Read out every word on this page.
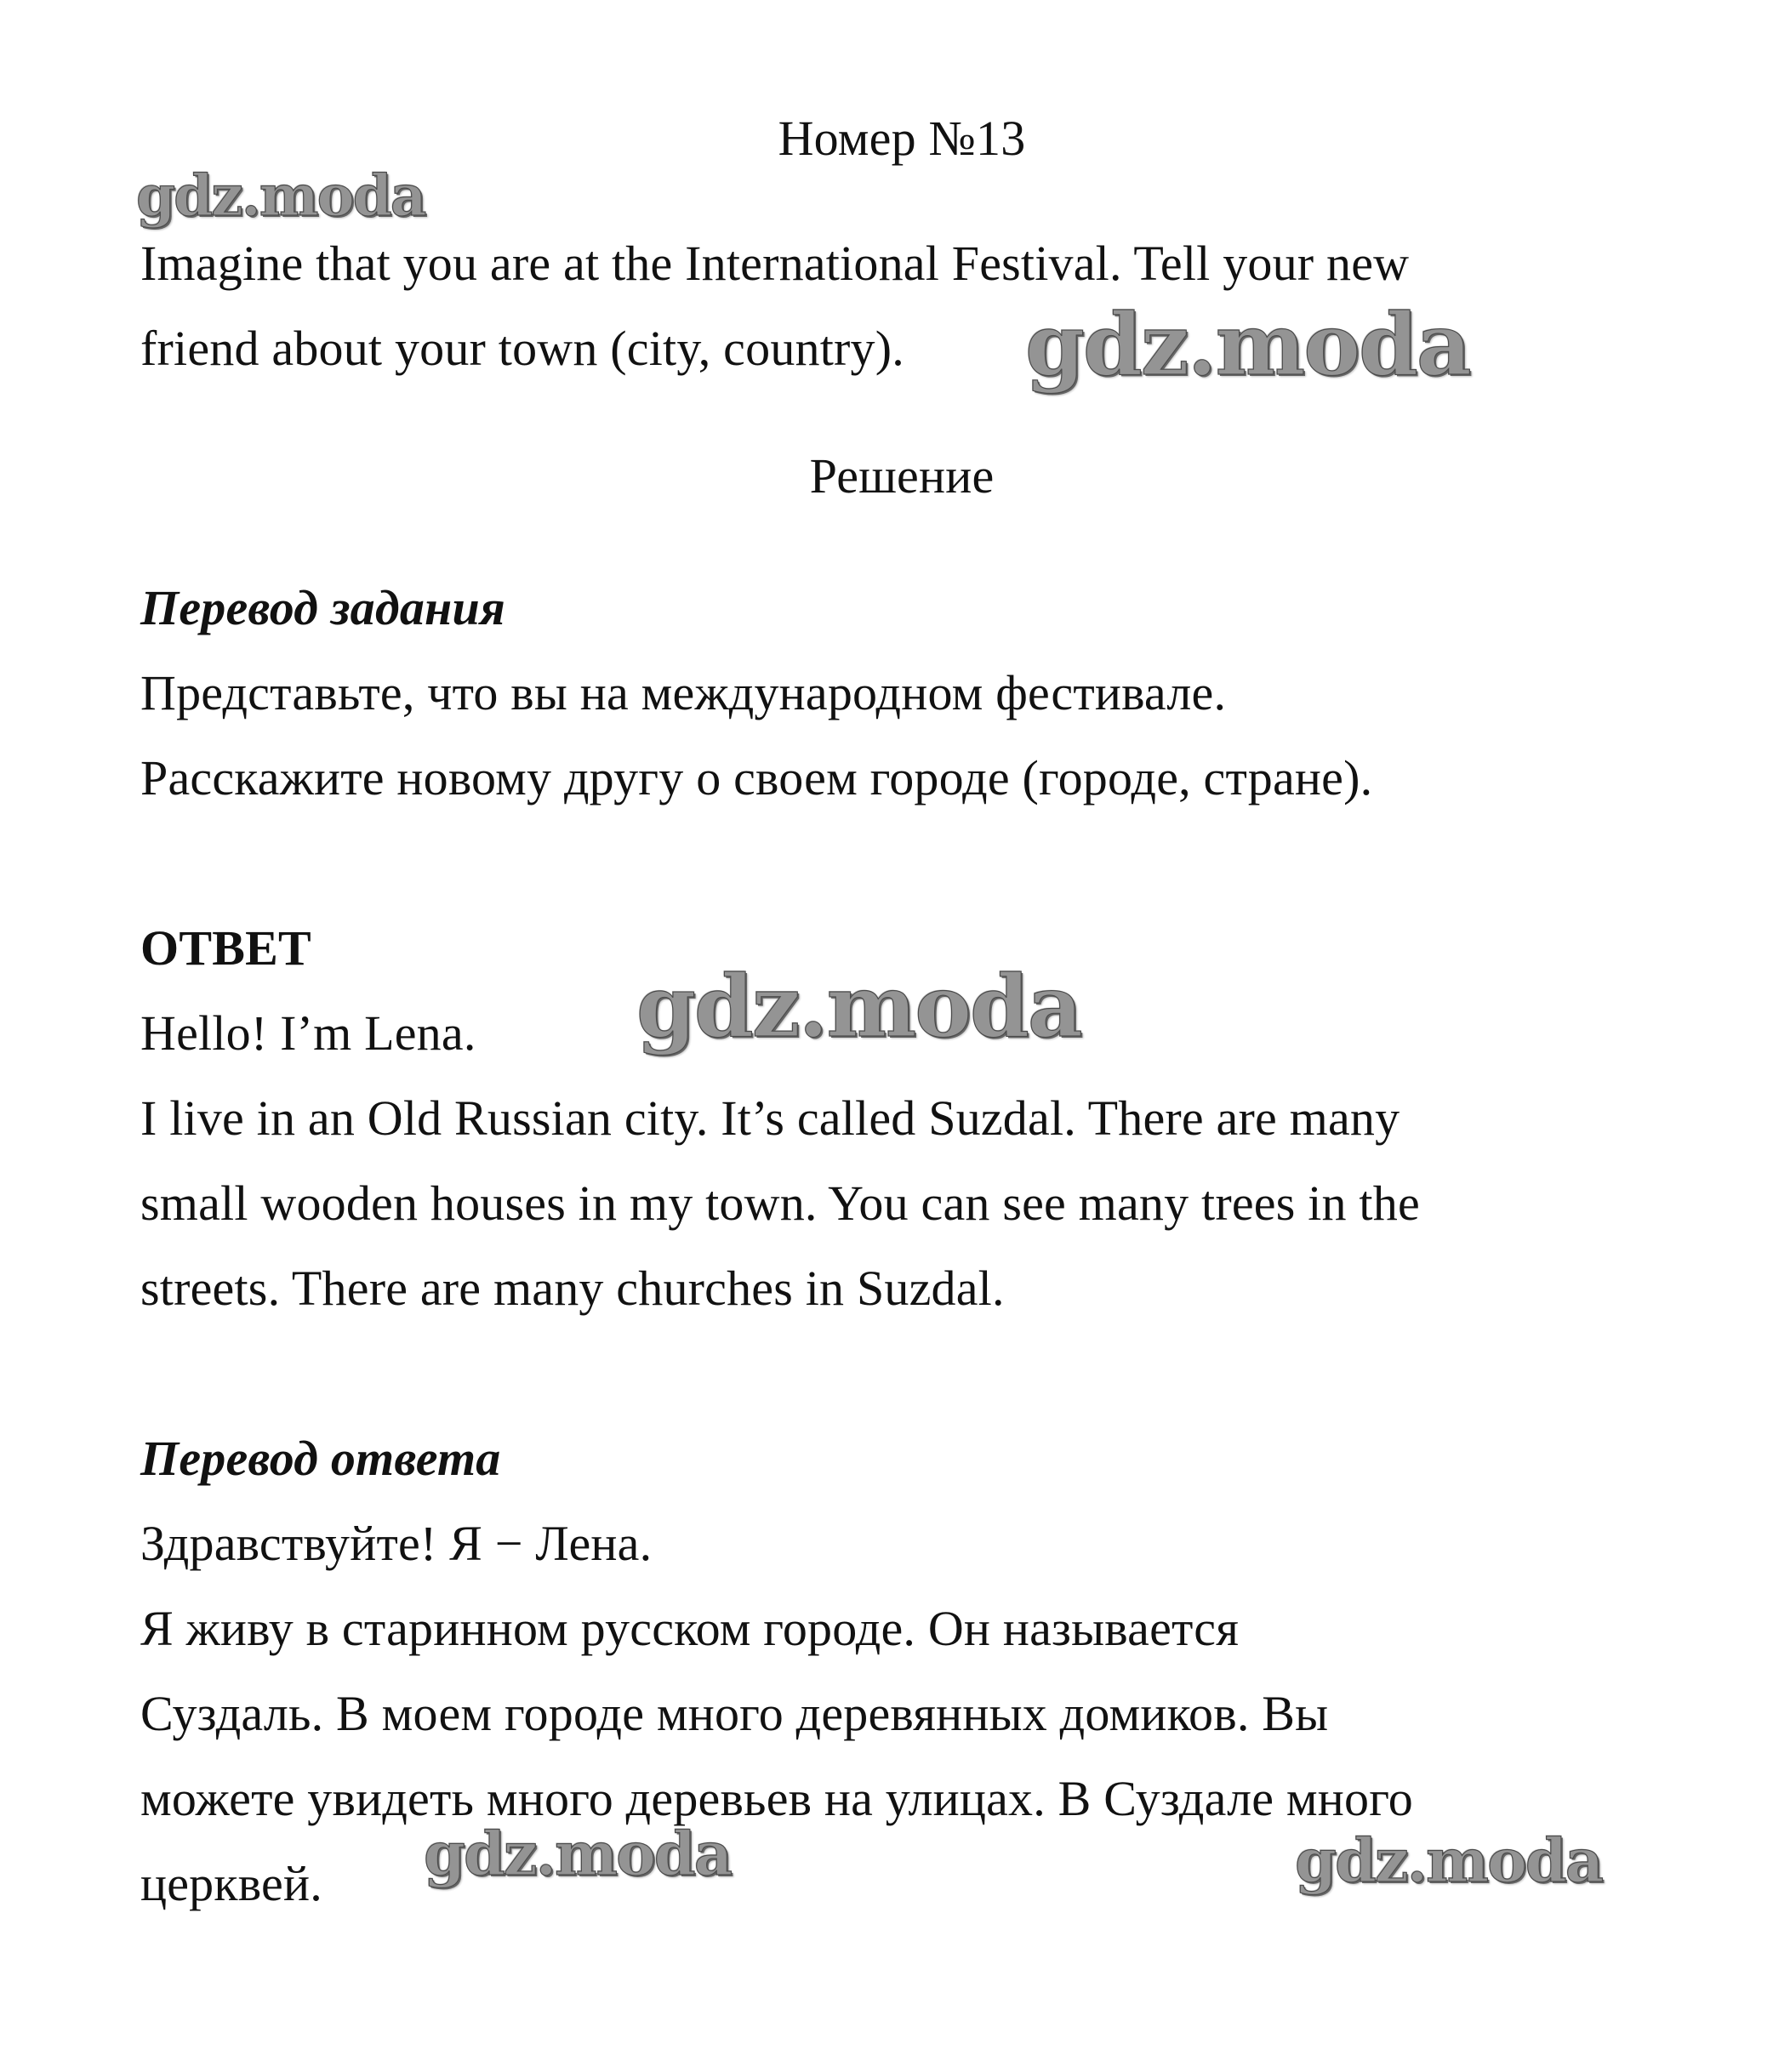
Номер №13
Imagine that you are at the International Festival. Tell your new
friend about your town (city, country).
Решение
Перевод задания
Представьте, что вы на международном фестивале.
Расскажите новому другу о своем городе (городе, стране).
ОТВЕТ
Hello! I’m Lena.
I live in an Old Russian city. It’s called Suzdal. There are many
small wooden houses in my town. You can see many trees in the
streets. There are many churches in Suzdal.
Перевод ответа
Здравствуйте! Я − Лена.
Я живу в старинном русском городе. Он называется
Суздаль. В моем городе много деревянных домиков. Вы
можете увидеть много деревьев на улицах. В Суздале много
церквей.
gdz.moda
gdz.moda
gdz.moda
gdz.moda	gdz.moda
